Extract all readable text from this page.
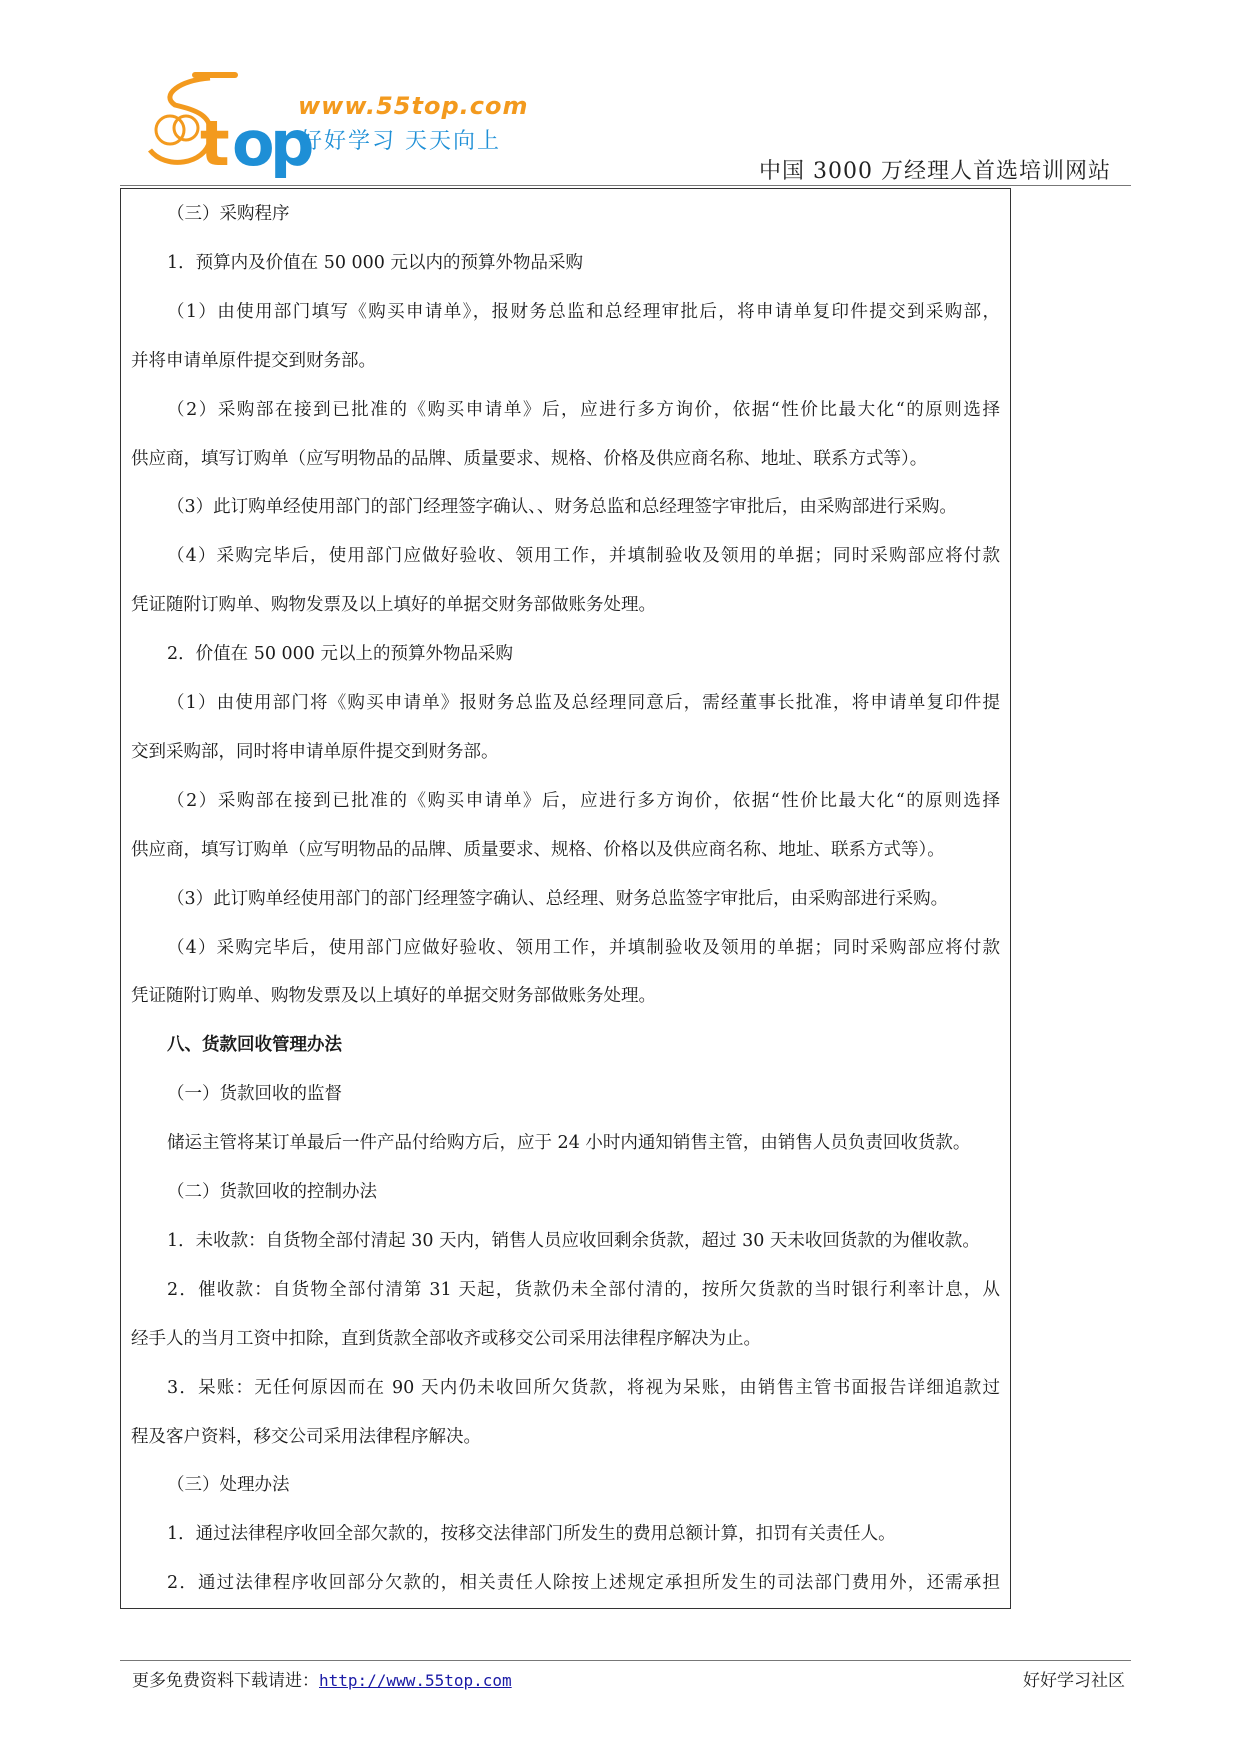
t o
p
www.55top.com
好好学习 天天向上
中国 3000 万经理人首选培训网站
（三）采购程序
1．预算内及价值在 50 000 元以内的预算外物品采购
（1）由使用部门填写《购买申请单》，报财务总监和总经理审批后，将申请单复印件提交到采购部，
并将申请单原件提交到财务部。
（2）采购部在接到已批准的《购买申请单》后，应进行多方询价，依据“性价比最大化“的原则选择
供应商，填写订购单（应写明物品的品牌、质量要求、规格、价格及供应商名称、地址、联系方式等）。
（3）此订购单经使用部门的部门经理签字确认、、财务总监和总经理签字审批后，由采购部进行采购。
（4）采购完毕后，使用部门应做好验收、领用工作，并填制验收及领用的单据；同时采购部应将付款
凭证随附订购单、购物发票及以上填好的单据交财务部做账务处理。
2．价值在 50 000 元以上的预算外物品采购
（1）由使用部门将《购买申请单》报财务总监及总经理同意后，需经董事长批准，将申请单复印件提
交到采购部，同时将申请单原件提交到财务部。
（2）采购部在接到已批准的《购买申请单》后，应进行多方询价，依据“性价比最大化“的原则选择
供应商，填写订购单（应写明物品的品牌、质量要求、规格、价格以及供应商名称、地址、联系方式等）。
（3）此订购单经使用部门的部门经理签字确认、总经理、财务总监签字审批后，由采购部进行采购。
（4）采购完毕后，使用部门应做好验收、领用工作，并填制验收及领用的单据；同时采购部应将付款
凭证随附订购单、购物发票及以上填好的单据交财务部做账务处理。
八、货款回收管理办法
（一）货款回收的监督
储运主管将某订单最后一件产品付给购方后，应于 24 小时内通知销售主管，由销售人员负责回收货款。
（二）货款回收的控制办法
1．未收款：自货物全部付清起 30 天内，销售人员应收回剩余货款，超过 30 天未收回货款的为催收款。
2．催收款：自货物全部付清第 31 天起，货款仍未全部付清的，按所欠货款的当时银行利率计息，从
经手人的当月工资中扣除，直到货款全部收齐或移交公司采用法律程序解决为止。
3．呆账：无任何原因而在 90 天内仍未收回所欠货款，将视为呆账，由销售主管书面报告详细追款过
程及客户资料，移交公司采用法律程序解决。
（三）处理办法
1．通过法律程序收回全部欠款的，按移交法律部门所发生的费用总额计算，扣罚有关责任人。
2．通过法律程序收回部分欠款的，相关责任人除按上述规定承担所发生的司法部门费用外，还需承担
更多免费资料下载请进：http://www.55top.com	好好学习社区
